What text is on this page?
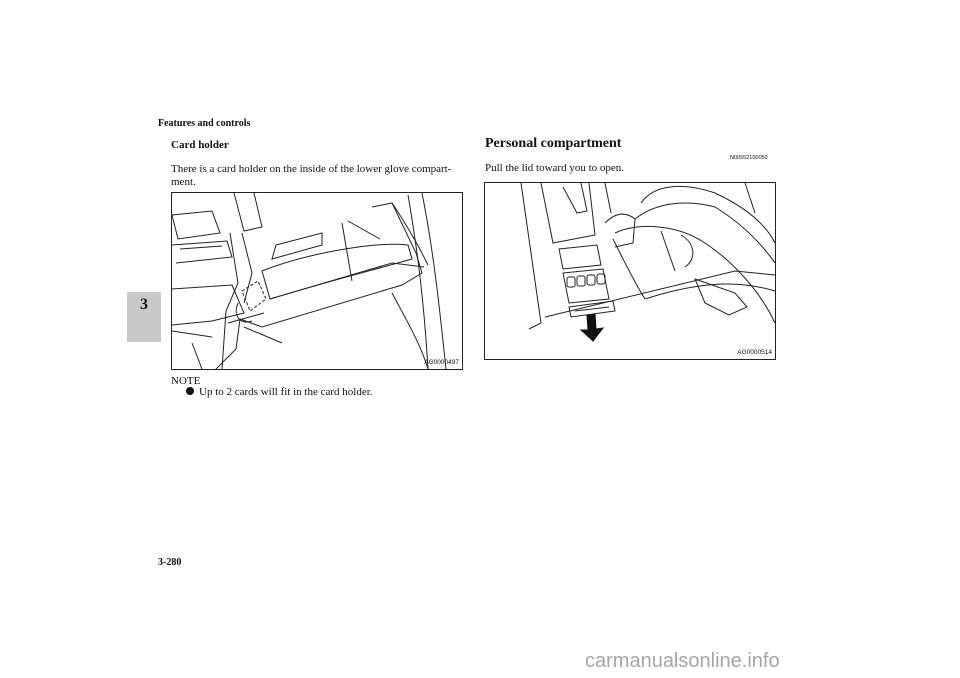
Features and controls
3
Card holder
There is a card holder on the inside of the lower glove compart-ment.
AG0000497
NOTE
Up to 2 cards will fit in the card holder.
Personal compartment
N00552100050
Pull the lid toward you to open.
AG0000514
3-280
carmanualsonline.info
